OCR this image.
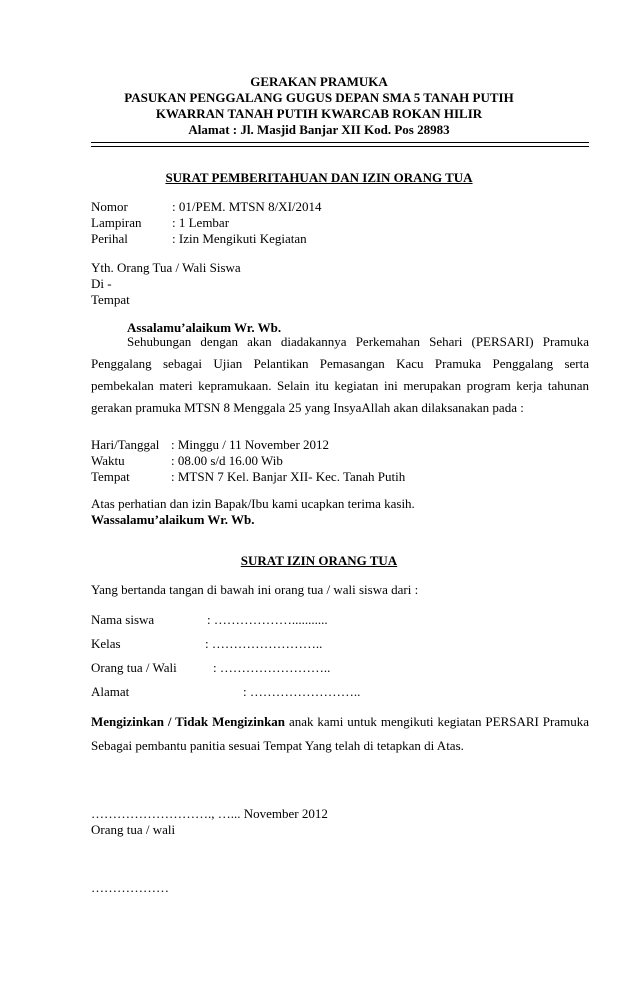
GERAKAN PRAMUKA
PASUKAN PENGGALANG GUGUS DEPAN SMA 5 TANAH PUTIH
KWARRAN TANAH PUTIH KWARCAB ROKAN HILIR
Alamat : Jl. Masjid Banjar XII Kod. Pos 28983
SURAT PEMBERITAHUAN DAN IZIN ORANG TUA
Nomor	: 01/PEM. MTSN 8/XI/2014
Lampiran : 1 Lembar
Perihal	: Izin Mengikuti Kegiatan
Yth. Orang Tua / Wali Siswa
Di -
Tempat
Assalamu’alaikum Wr. Wb.
Sehubungan dengan akan diadakannya Perkemahan Sehari (PERSARI) Pramuka Penggalang sebagai Ujian Pelantikan Pemasangan Kacu Pramuka Penggalang serta pembekalan materi kepramukaan. Selain itu kegiatan ini merupakan program kerja tahunan gerakan pramuka MTSN 8 Menggala 25 yang InsyaAllah akan dilaksanakan pada :
Hari/Tanggal : Minggu / 11 November 2012
Waktu	: 08.00 s/d 16.00 Wib
Tempat	: MTSN 7 Kel. Banjar XII- Kec. Tanah Putih
Atas perhatian dan izin Bapak/Ibu kami ucapkan terima kasih.
Wassalamu’alaikum Wr. Wb.
SURAT IZIN ORANG TUA
Yang bertanda tangan di bawah ini orang tua / wali siswa dari :
Nama siswa	: ………………...........
Kelas	: ……………………..
Orang tua / Wali	: ……………………..
Alamat	: ……………………..
Mengizinkan / Tidak Mengizinkan anak kami untuk mengikuti kegiatan PERSARI Pramuka Sebagai pembantu panitia sesuai Tempat Yang telah di tetapkan di Atas.
………………………., …... November 2012
Orang tua / wali
………………
